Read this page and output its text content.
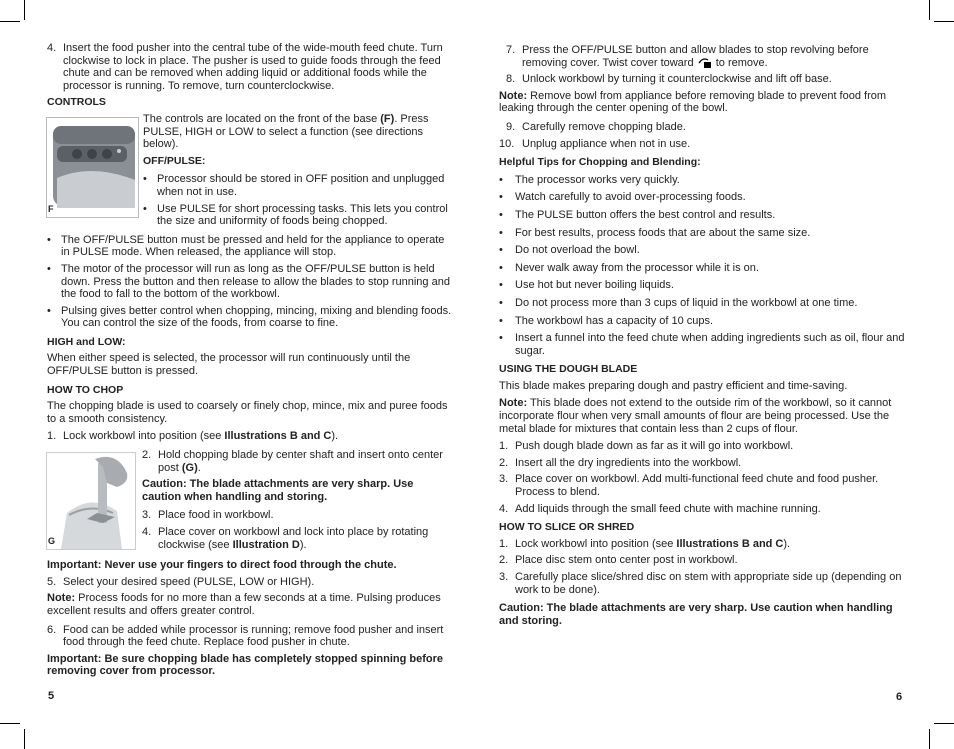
4. Insert the food pusher into the central tube of the wide-mouth feed chute. Turn clockwise to lock in place. The pusher is used to guide foods through the feed chute and can be removed when adding liquid or additional foods while the processor is running. To remove, turn counterclockwise.
CONTROLS

The controls are located on the front of the base (F). Press PULSE, HIGH or LOW to select a function (see directions below).

OFF/PULSE:
• Processor should be stored in OFF position and unplugged when not in use.
• Use PULSE for short processing tasks. This lets you control the size and uniformity of foods being chopped.
• The OFF/PULSE button must be pressed and held for the appliance to operate in PULSE mode. When released, the appliance will stop.
• The motor of the processor will run as long as the OFF/PULSE button is held down. Press the button and then release to allow the blades to stop running and the food to fall to the bottom of the workbowl.
• Pulsing gives better control when chopping, mincing, mixing and blending foods. You can control the size of the foods, from coarse to fine.
HIGH and LOW:

When either speed is selected, the processor will run continuously until the OFF/PULSE button is pressed.

HOW TO CHOP

The chopping blade is used to coarsely or finely chop, mince, mix and puree foods to a smooth consistency.

1. Lock workbowl into position (see Illustrations B and C).
2. Hold chopping blade by center shaft and insert onto center post (G).

Caution: The blade attachments are very sharp. Use caution when handling and storing.

3. Place food in workbowl.
4. Place cover on workbowl and lock into place by rotating clockwise (see Illustration D).

Important: Never use your fingers to direct food through the chute.

5. Select your desired speed (PULSE, LOW or HIGH).

Note: Process foods for no more than a few seconds at a time. Pulsing produces excellent results and offers greater control.

6. Food can be added while processor is running; remove food pusher and insert food through the feed chute. Replace food pusher in chute.

Important: Be sure chopping blade has completely stopped spinning before removing cover from processor.

F
G
5
7. Press the OFF/PULSE button and allow blades to stop revolving before removing cover. Twist cover toward  to remove.
8. Unlock workbowl by turning it counterclockwise and lift off base.

Note: Remove bowl from appliance before removing blade to prevent food from leaking through the center opening of the bowl.

9. Carefully remove chopping blade.
10. Unplug appliance when not in use.
Helpful Tips for Chopping and Blending:
•	The processor works very quickly.
•	Watch carefully to avoid over-processing foods.
•	The PULSE button offers the best control and results.
•	For best results, process foods that are about the same size.
•	Do not overload the bowl.
•	Never walk away from the processor while it is on.
•	Use hot but never boiling liquids.
•	Do not process more than 3 cups of liquid in the workbowl at one time.
•	The workbowl has a capacity of 10 cups.
•	Insert a funnel into the feed chute when adding ingredients such as oil, flour and sugar.
USING THE DOUGH BLADE

This blade makes preparing dough and pastry efficient and time-saving.

Note: This blade does not extend to the outside rim of the workbowl, so it cannot incorporate flour when very small amounts of flour are being processed. Use the metal blade for mixtures that contain less than 2 cups of flour.

1. Push dough blade down as far as it will go into workbowl.
2. Insert all the dry ingredients into the workbowl.
3. Place cover on workbowl. Add multi-functional feed chute and food pusher. Process to blend.
4. Add liquids through the small feed chute with machine running.
HOW TO SLICE OR SHRED
1. Lock workbowl into position (see Illustrations B and C).
2. Place disc stem onto center post in workbowl.
3. Carefully place slice/shred disc on stem with appropriate side up (depending on work to be done).

Caution: The blade attachments are very sharp. Use caution when handling and storing.

6
